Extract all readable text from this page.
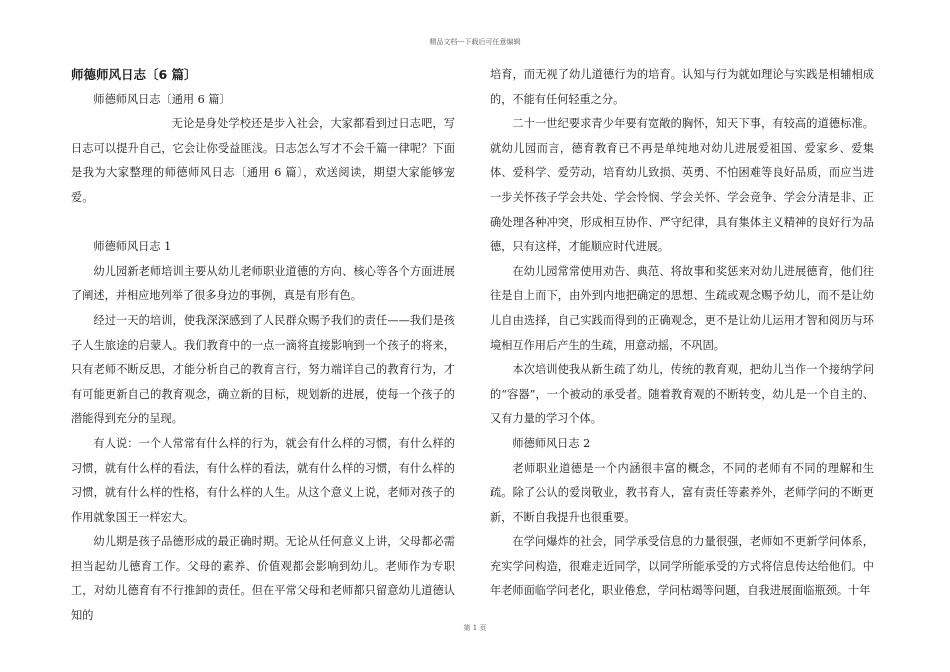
精品文档---下载后可任意编辑

师德师风日志〔6 篇〕

师德师风日志〔通用 6 篇〕

无论是身处学校还是步入社会，大家都看到过日志吧，写日志可以提升自己，它会让你受益匪浅。日志怎么写才不会千篇一律呢？下面是我为大家整理的师德师风日志〔通用 6 篇〕，欢送阅读，期望大家能够宠爱。

师德师风日志 1

幼儿园新老师培训主要从幼儿老师职业道德的方向、核心等各个方面进展了阐述，并相应地列举了很多身边的事例，真是有形有色。

经过一天的培训，使我深深感到了人民群众赐予我们的责任——我们是孩子人生旅途的启蒙人。我们教育中的一点一滴将直接影响到一个孩子的将来，只有老师不断反思，才能分析自己的教育言行，努力端详自己的教育行为，才有可能更新自己的教育观念，确立新的目标，规划新的进展，使每一个孩子的潜能得到充分的呈现。

有人说：一个人常常有什么样的行为，就会有什么样的习惯，有什么样的习惯，就有什么样的看法，有什么样的看法，就有什么样的习惯，有什么样的习惯，就有什么样的性格，有什么样的人生。从这个意义上说，老师对孩子的作用就象国王一样宏大。

幼儿期是孩子品德形成的最正确时期。无论从任何意义上讲，父母都必需担当起幼儿德育工作。父母的素养、价值观都会影响到幼儿。老师作为专职工，对幼儿德育有不行推卸的责任。但在平常父母和老师都只留意幼儿道德认知的

培育，而无视了幼儿道德行为的培育。认知与行为就如理论与实践是相辅相成的，不能有任何轻重之分。

二十一世纪要求青少年要有宽敞的胸怀，知天下事，有较高的道德标准。就幼儿园而言，德育教育已不再是单纯地对幼儿进展爱祖国、爱家乡、爱集体、爱科学、爱劳动，培育幼儿致损、英勇、不怕困难等良好品质，而应当进一步关怀孩子学会共处、学会怜悯、学会关怀、学会竞争、学会分清是非、正确处理各种冲突，形成相互协作、严守纪律，具有集体主义精神的良好行为品德，只有这样，才能顺应时代进展。

在幼儿园常常使用劝告、典范、将故事和奖惩来对幼儿进展德育，他们往往是自上而下，由外到内地把确定的思想、生疏或观念赐予幼儿，而不是让幼儿自由选择，自己实践而得到的正确观念，更不是让幼儿运用才智和阅历与环境相互作用后产生的生疏，用意动摇，不巩固。

本次培训使我从新生疏了幼儿，传统的教育观，把幼儿当作一个接纳学问的“容器”，一个被动的承受者。随着教育观的不断转变，幼儿是一个自主的、又有力量的学习个体。

师德师风日志 2

老师职业道德是一个内涵很丰富的概念，不同的老师有不同的理解和生疏。除了公认的爱岗敬业，教书育人，富有责任等素养外，老师学问的不断更新，不断自我提升也很重要。

在学问爆炸的社会，同学承受信息的力量很强，老师如不更新学问体系，充实学问构造，很难走近同学，以同学所能承受的方式将信息传达给他们。中年老师面临学问老化，职业倦怠，学问枯竭等问题，自我进展面临瓶颈。十年

第 1 页
